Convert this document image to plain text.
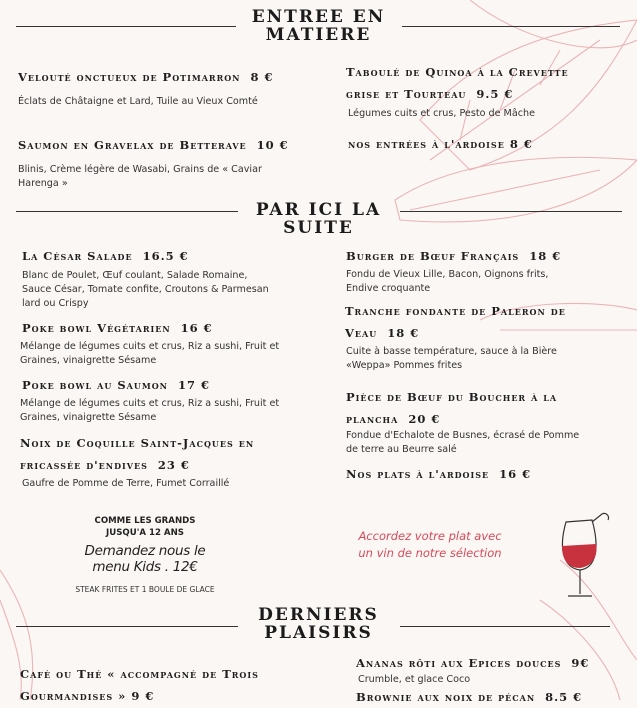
ENTREE EN
MATIERE
Velouté onctueux de Potimarron 8 €
Éclats de Châtaigne et Lard, Tuile au Vieux Comté
Saumon en Gravelax de Betterave 10 €
Blinis, Crème légère de Wasabi, Grains de « Caviar
Harenga »
Taboulé de Quinoa à la Crevette
grise et Tourteau 9.5 €
Légumes cuits et crus, Pesto de Mâche
nos entrées à l'ardoise 8 €
PAR ICI LA
SUITE
La César Salade 16.5 €
Blanc de Poulet, Œuf coulant, Salade Romaine,
Sauce César, Tomate confite, Croutons & Parmesan
lard ou Crispy
Poke bowl Végétarien 16 €
Mélange de légumes cuits et crus, Riz a sushi, Fruit et
Graines, vinaigrette Sésame
Poke bowl au Saumon 17 €
Mélange de légumes cuits et crus, Riz a sushi, Fruit et
Graines, vinaigrette Sésame
Noix de Coquille Saint-Jacques en
fricassée d'endives 23 €
Gaufre de Pomme de Terre, Fumet Corraillé
Burger de Bœuf Français 18 €
Fondu de Vieux Lille, Bacon, Oignons frits,
Endive croquante
Tranche fondante de Paleron de
Veau 18 €
Cuite à basse température, sauce à la Bière
«Weppa» Pommes frites
Pièce de Bœuf du Boucher à la
plancha 20 €
Fondue d'Echalote de Busnes, écrasé de Pomme
de terre au Beurre salé
Nos plats à l'ardoise 16 €
COMME LES GRANDS
JUSQU'A 12 ANS
Demandez nous le
menu Kids . 12€
STEAK FRITES ET 1 BOULE DE GLACE
Accordez votre plat avec
un vin de notre sélection
DERNIERS
PLAISIRS
Café ou Thé « accompagné de Trois
Gourmandises » 9 €
Ananas rôti aux Epices douces 9€
Crumble, et glace Coco
Brownie aux noix de pécan 8.5 €
